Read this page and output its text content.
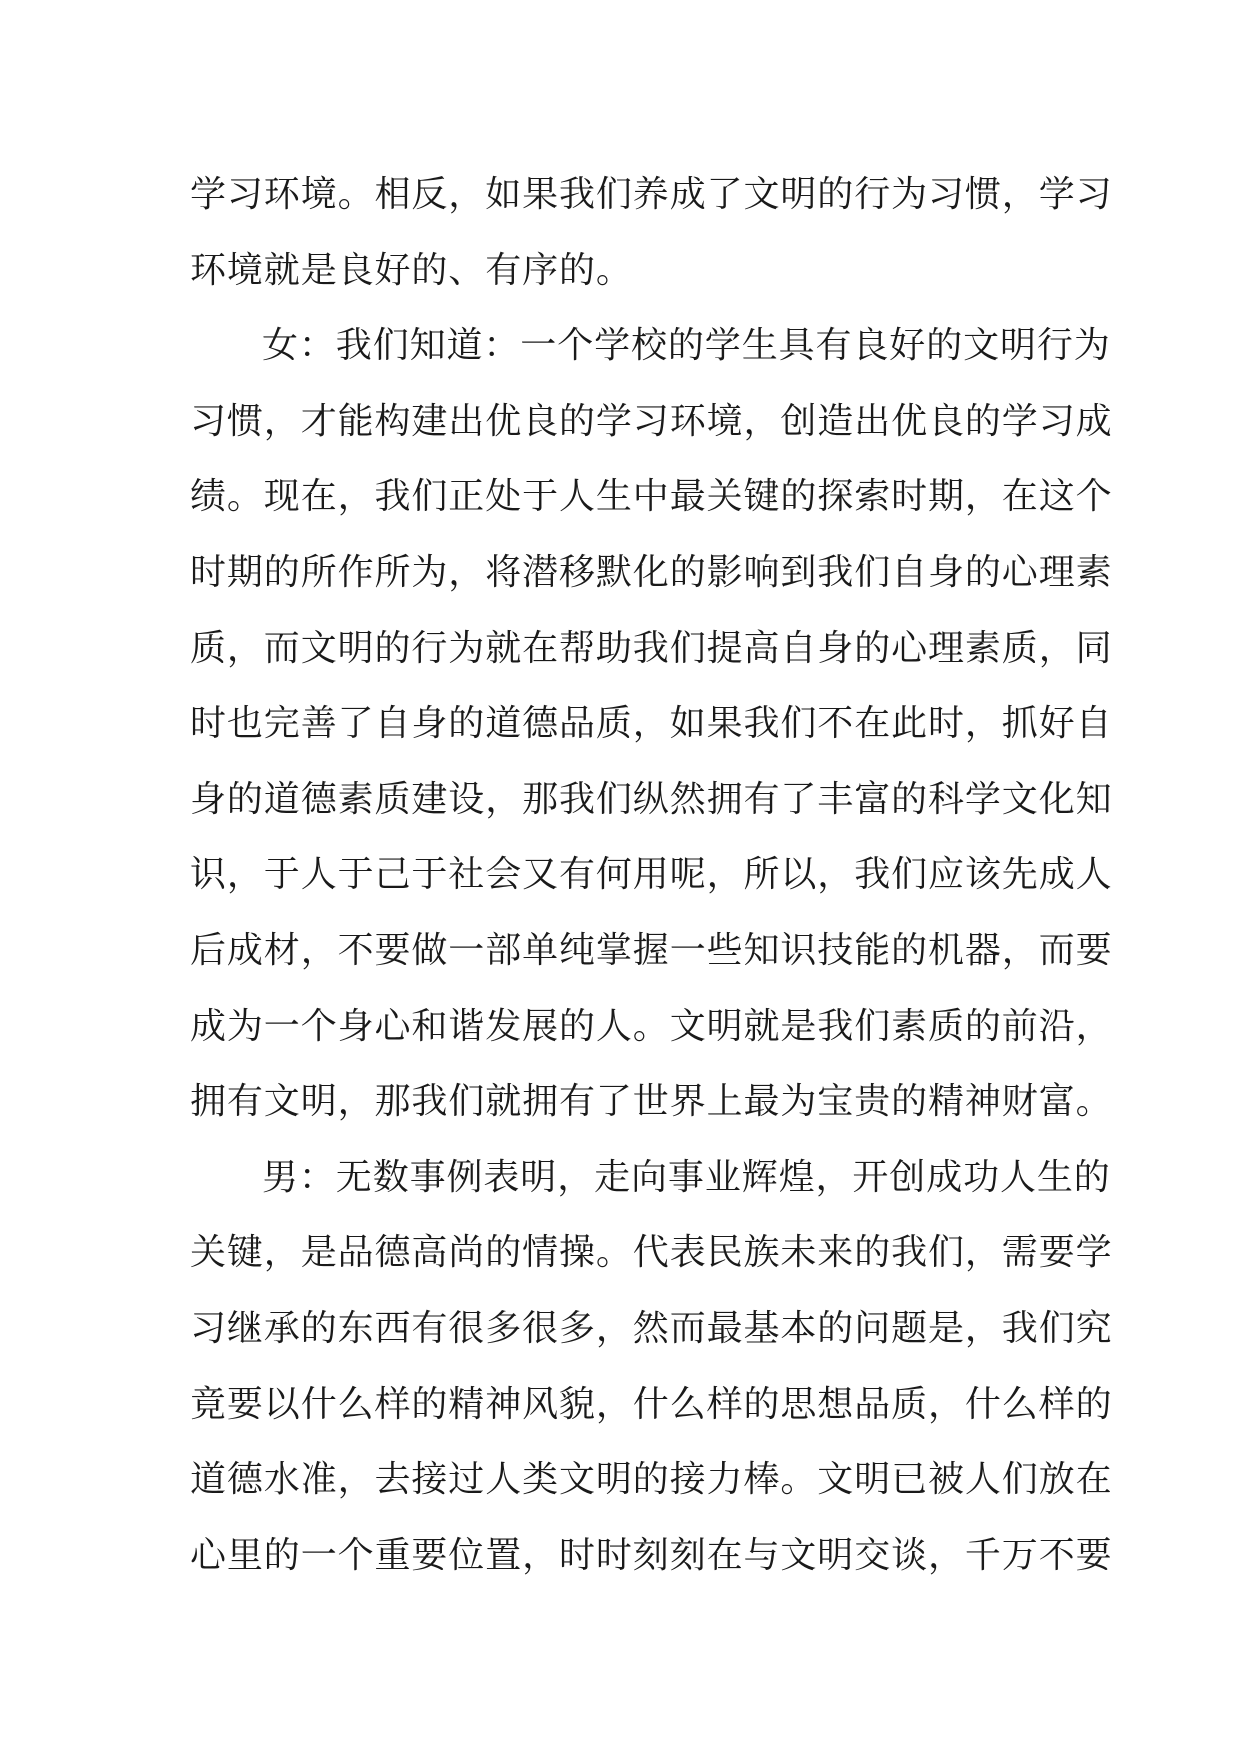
学习环境。相反，如果我们养成了文明的行为习惯，学习
环境就是良好的、有序的。
女：我们知道：一个学校的学生具有良好的文明行为
习惯，才能构建出优良的学习环境，创造出优良的学习成
绩。现在，我们正处于人生中最关键的探索时期，在这个
时期的所作所为，将潜移默化的影响到我们自身的心理素
质，而文明的行为就在帮助我们提高自身的心理素质，同
时也完善了自身的道德品质，如果我们不在此时，抓好自
身的道德素质建设，那我们纵然拥有了丰富的科学文化知
识，于人于己于社会又有何用呢，所以，我们应该先成人
后成材，不要做一部单纯掌握一些知识技能的机器，而要
成为一个身心和谐发展的人。文明就是我们素质的前沿，
拥有文明，那我们就拥有了世界上最为宝贵的精神财富。
男：无数事例表明，走向事业辉煌，开创成功人生的
关键，是品德高尚的情操。代表民族未来的我们，需要学
习继承的东西有很多很多，然而最基本的问题是，我们究
竟要以什么样的精神风貌，什么样的思想品质，什么样的
道德水准，去接过人类文明的接力棒。文明已被人们放在
心里的一个重要位置，时时刻刻在与文明交谈，千万不要
